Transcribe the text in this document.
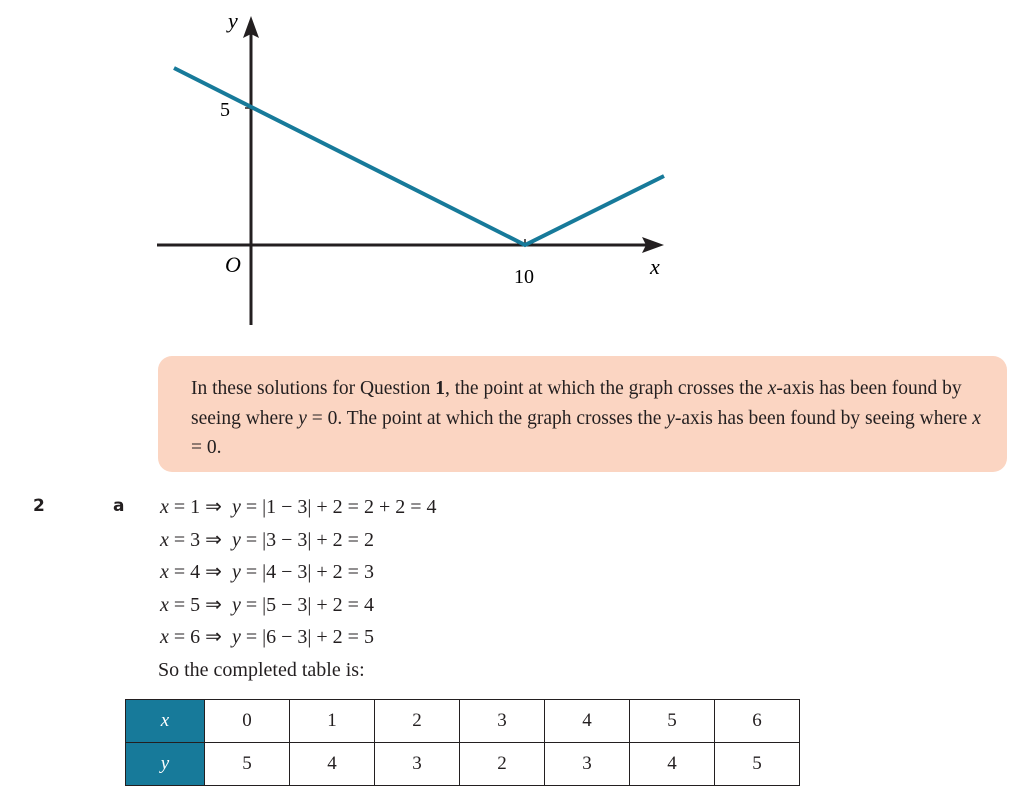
y
x
O
5
10

In these solutions for Question 1, the point at which the graph crosses the x-axis has been found by seeing where y = 0. The point at which the graph crosses the y-axis has been found by seeing where x = 0.

2	a x = 1 ⇒  y = |1 − 3| + 2 = 2 + 2 = 4
x = 3 ⇒  y = |3 − 3| + 2 = 2
x = 4 ⇒  y = |4 − 3| + 2 = 3
x = 5 ⇒  y = |5 − 3| + 2 = 4
x = 6 ⇒  y = |6 − 3| + 2 = 5
So the completed table is:
x	0	1	2	3	4	5	6
y	5	4	3	2	3	4	5
